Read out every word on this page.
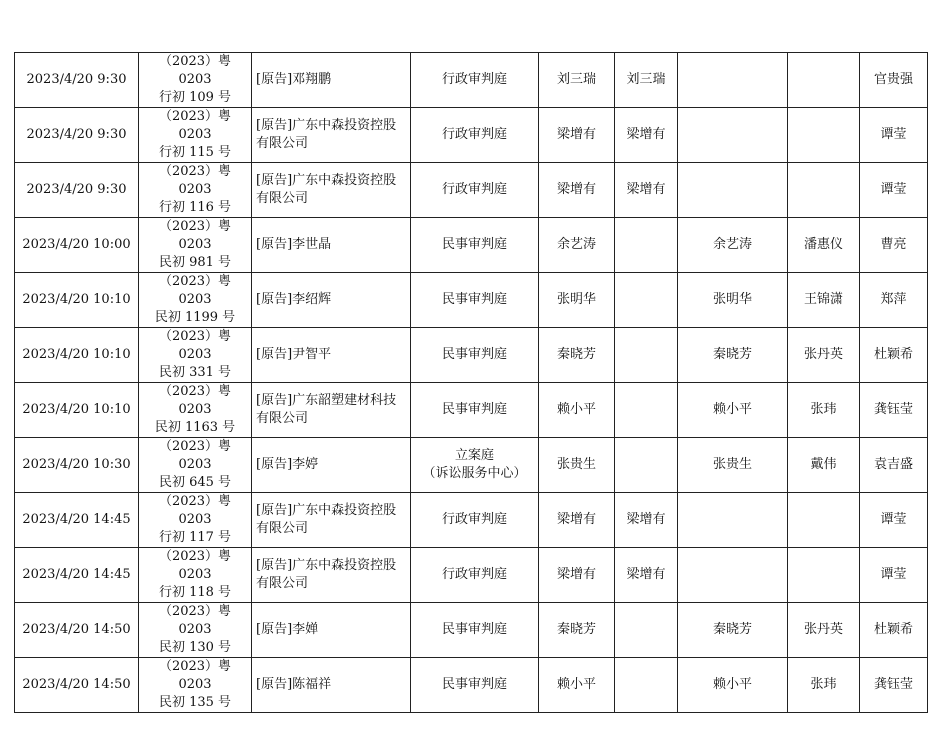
2023/4/20 9:30	（2023）粤 0203
行初 109 号	[原告]邓翔鹏	行政审判庭	刘三瑞	刘三瑞			官贵强
2023/4/20 9:30	（2023）粤 0203
行初 115 号	[原告]广东中森投资控股有限公司	行政审判庭	梁增有	梁增有			谭莹
2023/4/20 9:30	（2023）粤 0203
行初 116 号	[原告]广东中森投资控股有限公司	行政审判庭	梁增有	梁增有			谭莹
2023/4/20 10:00	（2023）粤 0203
民初 981 号	[原告]李世晶	民事审判庭	余艺涛		余艺涛	潘惠仪	曹亮
2023/4/20 10:10	（2023）粤 0203
民初 1199 号	[原告]李绍辉	民事审判庭	张明华		张明华	王锦潇	郑萍
2023/4/20 10:10	（2023）粤 0203
民初 331 号	[原告]尹智平	民事审判庭	秦晓芳		秦晓芳	张丹英	杜颖希
2023/4/20 10:10	（2023）粤 0203
民初 1163 号	[原告]广东韶塑建材科技有限公司	民事审判庭	赖小平		赖小平	张玮	龚钰莹
2023/4/20 10:30	（2023）粤 0203
民初 645 号	[原告]李婷	立案庭
（诉讼服务中心）	张贵生		张贵生	戴伟	袁吉盛
2023/4/20 14:45	（2023）粤 0203
行初 117 号	[原告]广东中森投资控股有限公司	行政审判庭	梁增有	梁增有			谭莹
2023/4/20 14:45	（2023）粤 0203
行初 118 号	[原告]广东中森投资控股有限公司	行政审判庭	梁增有	梁增有			谭莹
2023/4/20 14:50	（2023）粤 0203
民初 130 号	[原告]李婵	民事审判庭	秦晓芳		秦晓芳	张丹英	杜颖希
2023/4/20 14:50	（2023）粤 0203
民初 135 号	[原告]陈福祥	民事审判庭	赖小平		赖小平	张玮	龚钰莹
